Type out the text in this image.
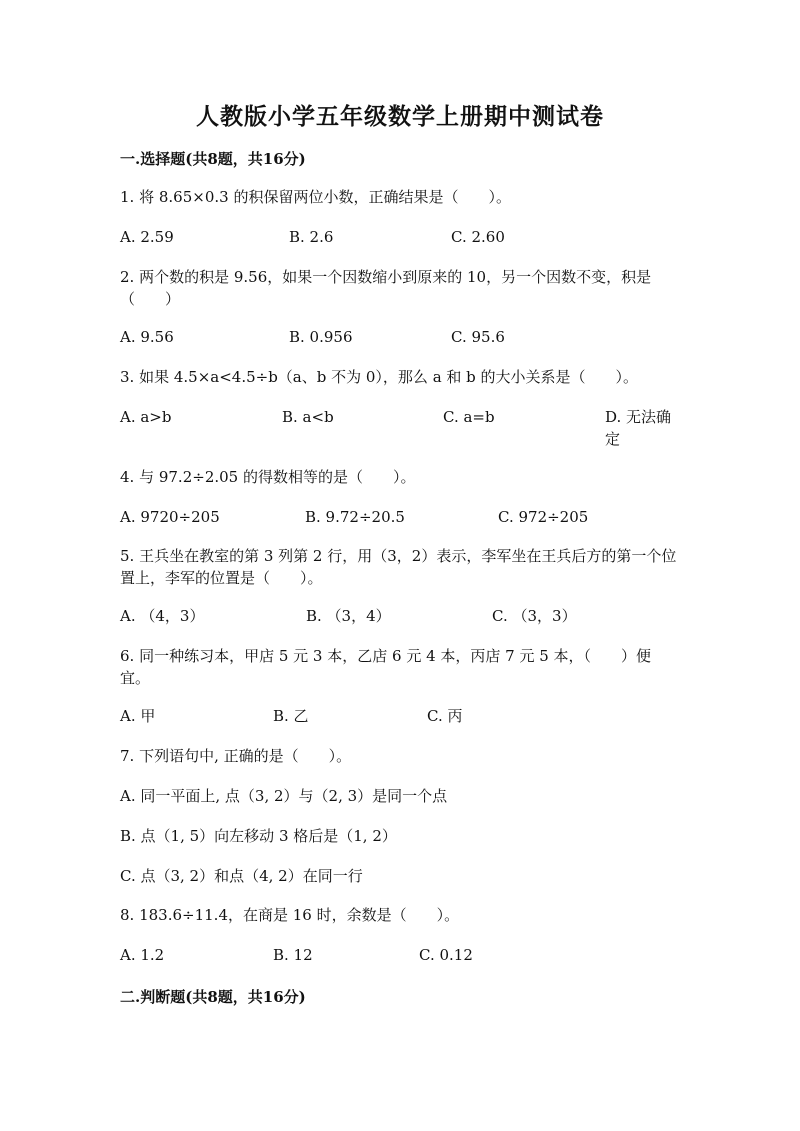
人教版小学五年级数学上册期中测试卷
一.选择题(共8题，共16分)
1. 将 8.65×0.3 的积保留两位小数，正确结果是（　　）。
A. 2.59	B. 2.6	C. 2.60
2. 两个数的积是 9.56，如果一个因数缩小到原来的 10，另一个因数不变，积是（　　）
A. 9.56	B. 0.956	C. 95.6
3. 如果 4.5×a<4.5÷b（a、b 不为 0），那么 a 和 b 的大小关系是（　　）。
A. a>b	B. a<b	C. a=b	D. 无法确定
4. 与 97.2÷2.05 的得数相等的是（　　）。
A. 9720÷205	B. 9.72÷20.5	C. 972÷205
5. 王兵坐在教室的第 3 列第 2 行，用（3，2）表示，李军坐在王兵后方的第一个位置上，李军的位置是（　　）。
A. （4，3）	B. （3，4）	C. （3，3）
6. 同一种练习本，甲店 5 元 3 本，乙店 6 元 4 本，丙店 7 元 5 本，（　　）便宜。
A. 甲	B. 乙	C. 丙
7. 下列语句中, 正确的是（　　）。
A. 同一平面上, 点（3, 2）与（2, 3）是同一个点
B. 点（1, 5）向左移动 3 格后是（1, 2）
C. 点（3, 2）和点（4, 2）在同一行
8. 183.6÷11.4，在商是 16 时，余数是（　　）。
A. 1.2	B. 12	C. 0.12
二.判断题(共8题，共16分)
